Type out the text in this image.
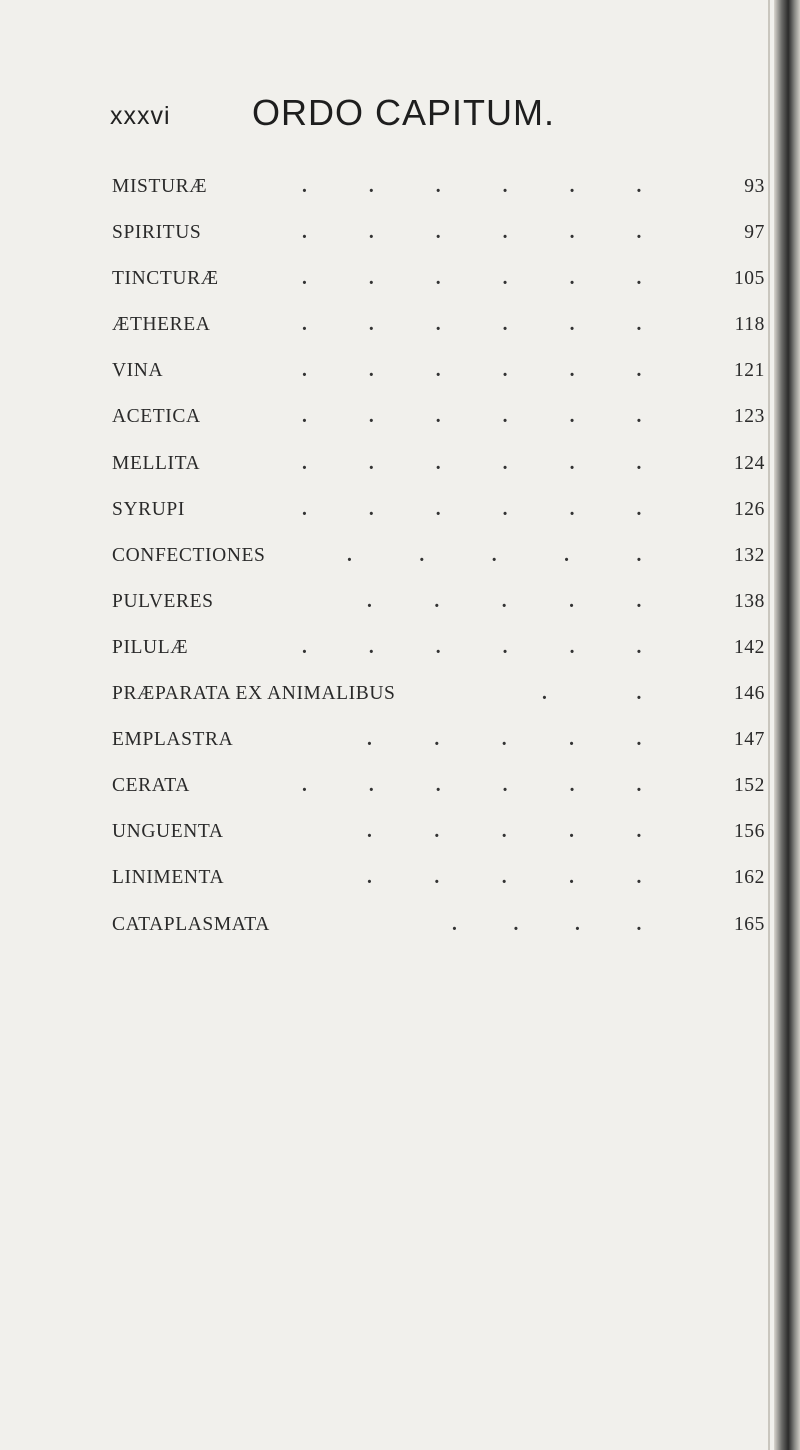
xxxvi ORDO CAPITUM.
MISTURÆ	.	.	.	.	.	.	93
SPIRITUS	.	.	.	.	.	.	97
TINCTURÆ	.	.	.	.	.	.	105
ÆTHEREA	.	.	.	.	.	.	118
VINA	.	.	.	.	.	.	121
ACETICA	.	.	.	.	.	.	123
MELLITA	.	.	.	.	.	.	124
SYRUPI	.	.	.	.	.	.	126
CONFECTIONES	.	.	.	.	.	132
PULVERES	.	.	.	.	.	138
PILULÆ	.	.	.	.	.	.	142
PRÆPARATA EX ANIMALIBUS	.	.	146
EMPLASTRA	.	.	.	.	.	147
CERATA	.	.	.	.	.	.	152
UNGUENTA	.	.	.	.	.	156
LINIMENTA	.	.	.	.	.	162
CATAPLASMATA	.	.	.	.	165
